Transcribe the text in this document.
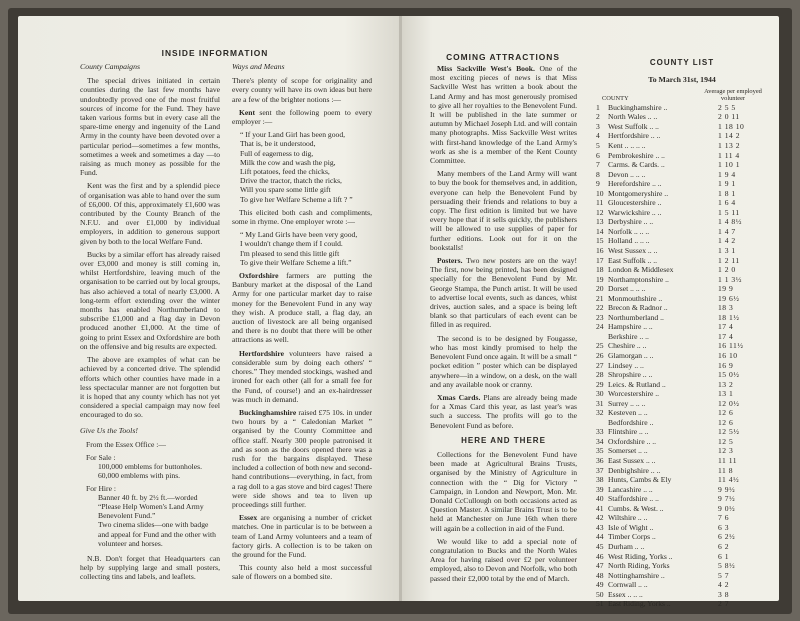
INSIDE INFORMATION
County Campaigns

The special drives initiated in certain counties during the last few months have undoubtedly proved one of the most fruitful sources of income for the Fund. They have taken various forms but in every case all the spare-time energy and ingenuity of the Land Army in the county have been devoted over a particular period—sometimes a few months, sometimes a week and sometimes a day —to raising as much money as possible for the Fund.

Kent was the first and by a splendid piece of organisation was able to hand over the sum of £6,000. Of this, approximately £1,600 was contributed by the County Branch of the N.F.U. and over £1,000 by individual employers, in addition to generous support given by both to the local Welfare Fund.

Bucks by a similar effort has already raised over £3,000 and money is still coming in, whilst Hertfordshire, leaving much of the organisation to be carried out by local groups, has also achieved a total of nearly £3,000. A long-term effort extending over the winter months has enabled Northumberland to subscribe £1,000 and a flag day in Devon produced another £1,000. At the time of going to print Essex and Oxfordshire are both on the offensive and big results are expected.

The above are examples of what can be achieved by a concerted drive. The splendid efforts which other counties have made in a less spectacular manner are not forgotten but it is hoped that any county which has not yet considered a special campaign may now feel encouraged to do so.

Give Us the Tools!

From the Essex Office :—

For Sale :

100,000 emblems for buttonholes.
60,000 emblems with pins.

For Hire :

Banner 40 ft. by 2½ ft.—worded “Please Help Women's Land Army Benevolent Fund.”
Two cinema slides—one with badge and appeal for Fund and the other with volunteer and horses.

N.B. Don't forget that Headquarters can help by supplying large and small posters, collecting tins and labels, and leaflets.

Ways and Means

There's plenty of scope for originality and every county will have its own ideas but here are a few of the brighter notions :—

Kent sent the following poem to every employer :—

“ If your Land Girl has been good,
That is, be it understood,
Full of eagerness to dig,
Milk the cow and wash the pig,
Lift potatoes, feed the chicks,
Drive the tractor, thatch the ricks,
Will you spare some little gift
To give her Welfare Scheme a lift ? ”

This elicited both cash and compliments, some in rhyme. One employer wrote :—

“ My Land Girls have been very good,
I wouldn't change them if I could.
I'm pleased to send this little gift
To give their Welfare Scheme a lift.”

Oxfordshire farmers are putting the Banbury market at the disposal of the Land Army for one particular market day to raise money for the Benevolent Fund in any way they wish. A produce stall, a flag day, an auction of livestock are all being organised and there is no doubt that there will be other attractions as well.

Hertfordshire volunteers have raised a considerable sum by doing each others' “ chores.” They mended stockings, washed and ironed for each other (all for a small fee for the Fund, of course!) and an ex-hairdresser was much in demand.

Buckinghamshire raised £75 10s. in under two hours by a “ Caledonian Market ” organised by the County Committee and office staff. Nearly 300 people patronised it and as soon as the doors opened there was a rush for the bargains displayed. These included a collection of both new and second-hand contributions—everything, in fact, from a rag doll to a gas stove and bird cages! There were side shows and tea to liven up proceedings still further.

Essex are organising a number of cricket matches. One in particular is to be between a team of Land Army volunteers and a team of factory girls. A collection is to be taken on the ground for the Fund.

This county also held a most successful sale of flowers on a bombed site.

COMING ATTRACTIONS

Miss Sackville West's Book. One of the most exciting pieces of news is that Miss Sackville West has written a book about the Land Army and has most generously promised to give all her royalties to the Benevolent Fund. It will be published in the late summer or autumn by Michael Joseph Ltd. and will contain many photographs. Miss Sackville West writes with first-hand knowledge of the Land Army's work as she is a member of the Kent County Committee.

Many members of the Land Army will want to buy the book for themselves and, in addition, everyone can help the Benevolent Fund by persuading their friends and relations to buy a copy. The first edition is limited but we have every hope that if it sells quickly, the publishers will be allowed to use supplies of paper for further editions. Look out for it on the bookstalls!

Posters. Two new posters are on the way! The first, now being printed, has been designed specially for the Benevolent Fund by Mr. George Stampa, the Punch artist. It will be used to advertise local events, such as dances, whist drives, auction sales, and a space is being left blank so that particulars of each event can be filled in as required.

The second is to be designed by Fougasse, who has most kindly promised to help the Benevolent Fund once again. It will be a small “ pocket edition ” poster which can be displayed anywhere—in a window, on a desk, on the wall and any available nook or cranny.

Xmas Cards. Plans are already being made for a Xmas Card this year, as last year's was such a success. The profits will go to the Benevolent Fund as before.

HERE AND THERE

Collections for the Benevolent Fund have been made at Agricultural Brains Trusts, organised by the Ministry of Agriculture in connection with the “ Dig for Victory ” Campaign, in London and Newport, Mon. Mr. Donald CcCullough on both occasions acted as Question Master. A similar Brains Trust is to be held at Manchester on June 16th when there will again be a collection in aid of the Fund.

We would like to add a special note of congratulation to Bucks and the North Wales Area for having raised over £2 per volunteer employed, also to Devon and Norfolk, who both passed their £2,000 total by the end of March.

COUNTY LIST
To March 31st, 1944
COUNTY
Average per employed volunteer
1	Buckinghamshire ..	2 5 5
2	North Wales .. ..	2 0 11
3	West Suffolk .. ..	1 18 10
4	Hertfordshire .. ..	1 14 2
5	Kent .. .. .. ..	1 13 2
6	Pembrokeshire .. ..	1 11 4
7	Carms. & Cards. ..	1 10 1
8	Devon .. .. ..	1 9 4
9	Herefordshire .. ..	1 9 1
10 Montgomeryshire ..	1 8 1
11 Gloucestershire ..	1 6 4
12 Warwickshire .. ..	1 5 11
13 Derbyshire .. ..	1 4 8½
14 Norfolk .. .. ..	1 4 7
15 Holland .. .. ..	1 4 2
16 West Sussex .. ..	1 3 1
17 East Suffolk .. ..	1 2 11
18 London & Middlesex	1 2 0
19 Northamptonshire ..	1 1 3½
20 Dorset .. .. ..	19 9
21 Monmouthshire ..	19 6½
22 Brecon & Radnor ..	18 3
23 Northumberland ..	18 1½
24 Hampshire .. ..	17 4
Berkshire .. ..	17 4
25 Cheshire .. ..	16 11½
26 Glamorgan .. ..	16 10
27 Lindsey .. ..	16 9
28 Shropshire .. ..	15 0½
29 Leics. & Rutland ..	13 2
30 Worcestershire ..	13 1
31 Surrey .. .. ..	12 0½
32 Kesteven .. ..	12 6
Bedfordshire ..	12 6
33 Flintshire .. ..	12 5½
34 Oxfordshire .. ..	12 5
35 Somerset .. ..	12 3
36 East Sussex .. ..	11 11
37 Denbighshire .. ..	11 8
38 Hunts, Cambs & Ely	11 4½
39 Lancashire .. ..	9 9½
40 Staffordshire .. ..	9 7½
41 Cumbs. & West. ..	9 0½
42 Wiltshire .. ..	7 6
43 Isle of Wight ..	6 3
44 Timber Corps ..	6 2½
45 Durham .. ..	6 2
46 West Riding, Yorks ..	6 1
47 North Riding, Yorks	5 8½
48 Nottinghamshire ..	5 7
49 Cornwall .. ..	4 2
50 Essex .. .. ..	3 8
51 East Riding, Yorks ..	2 7
